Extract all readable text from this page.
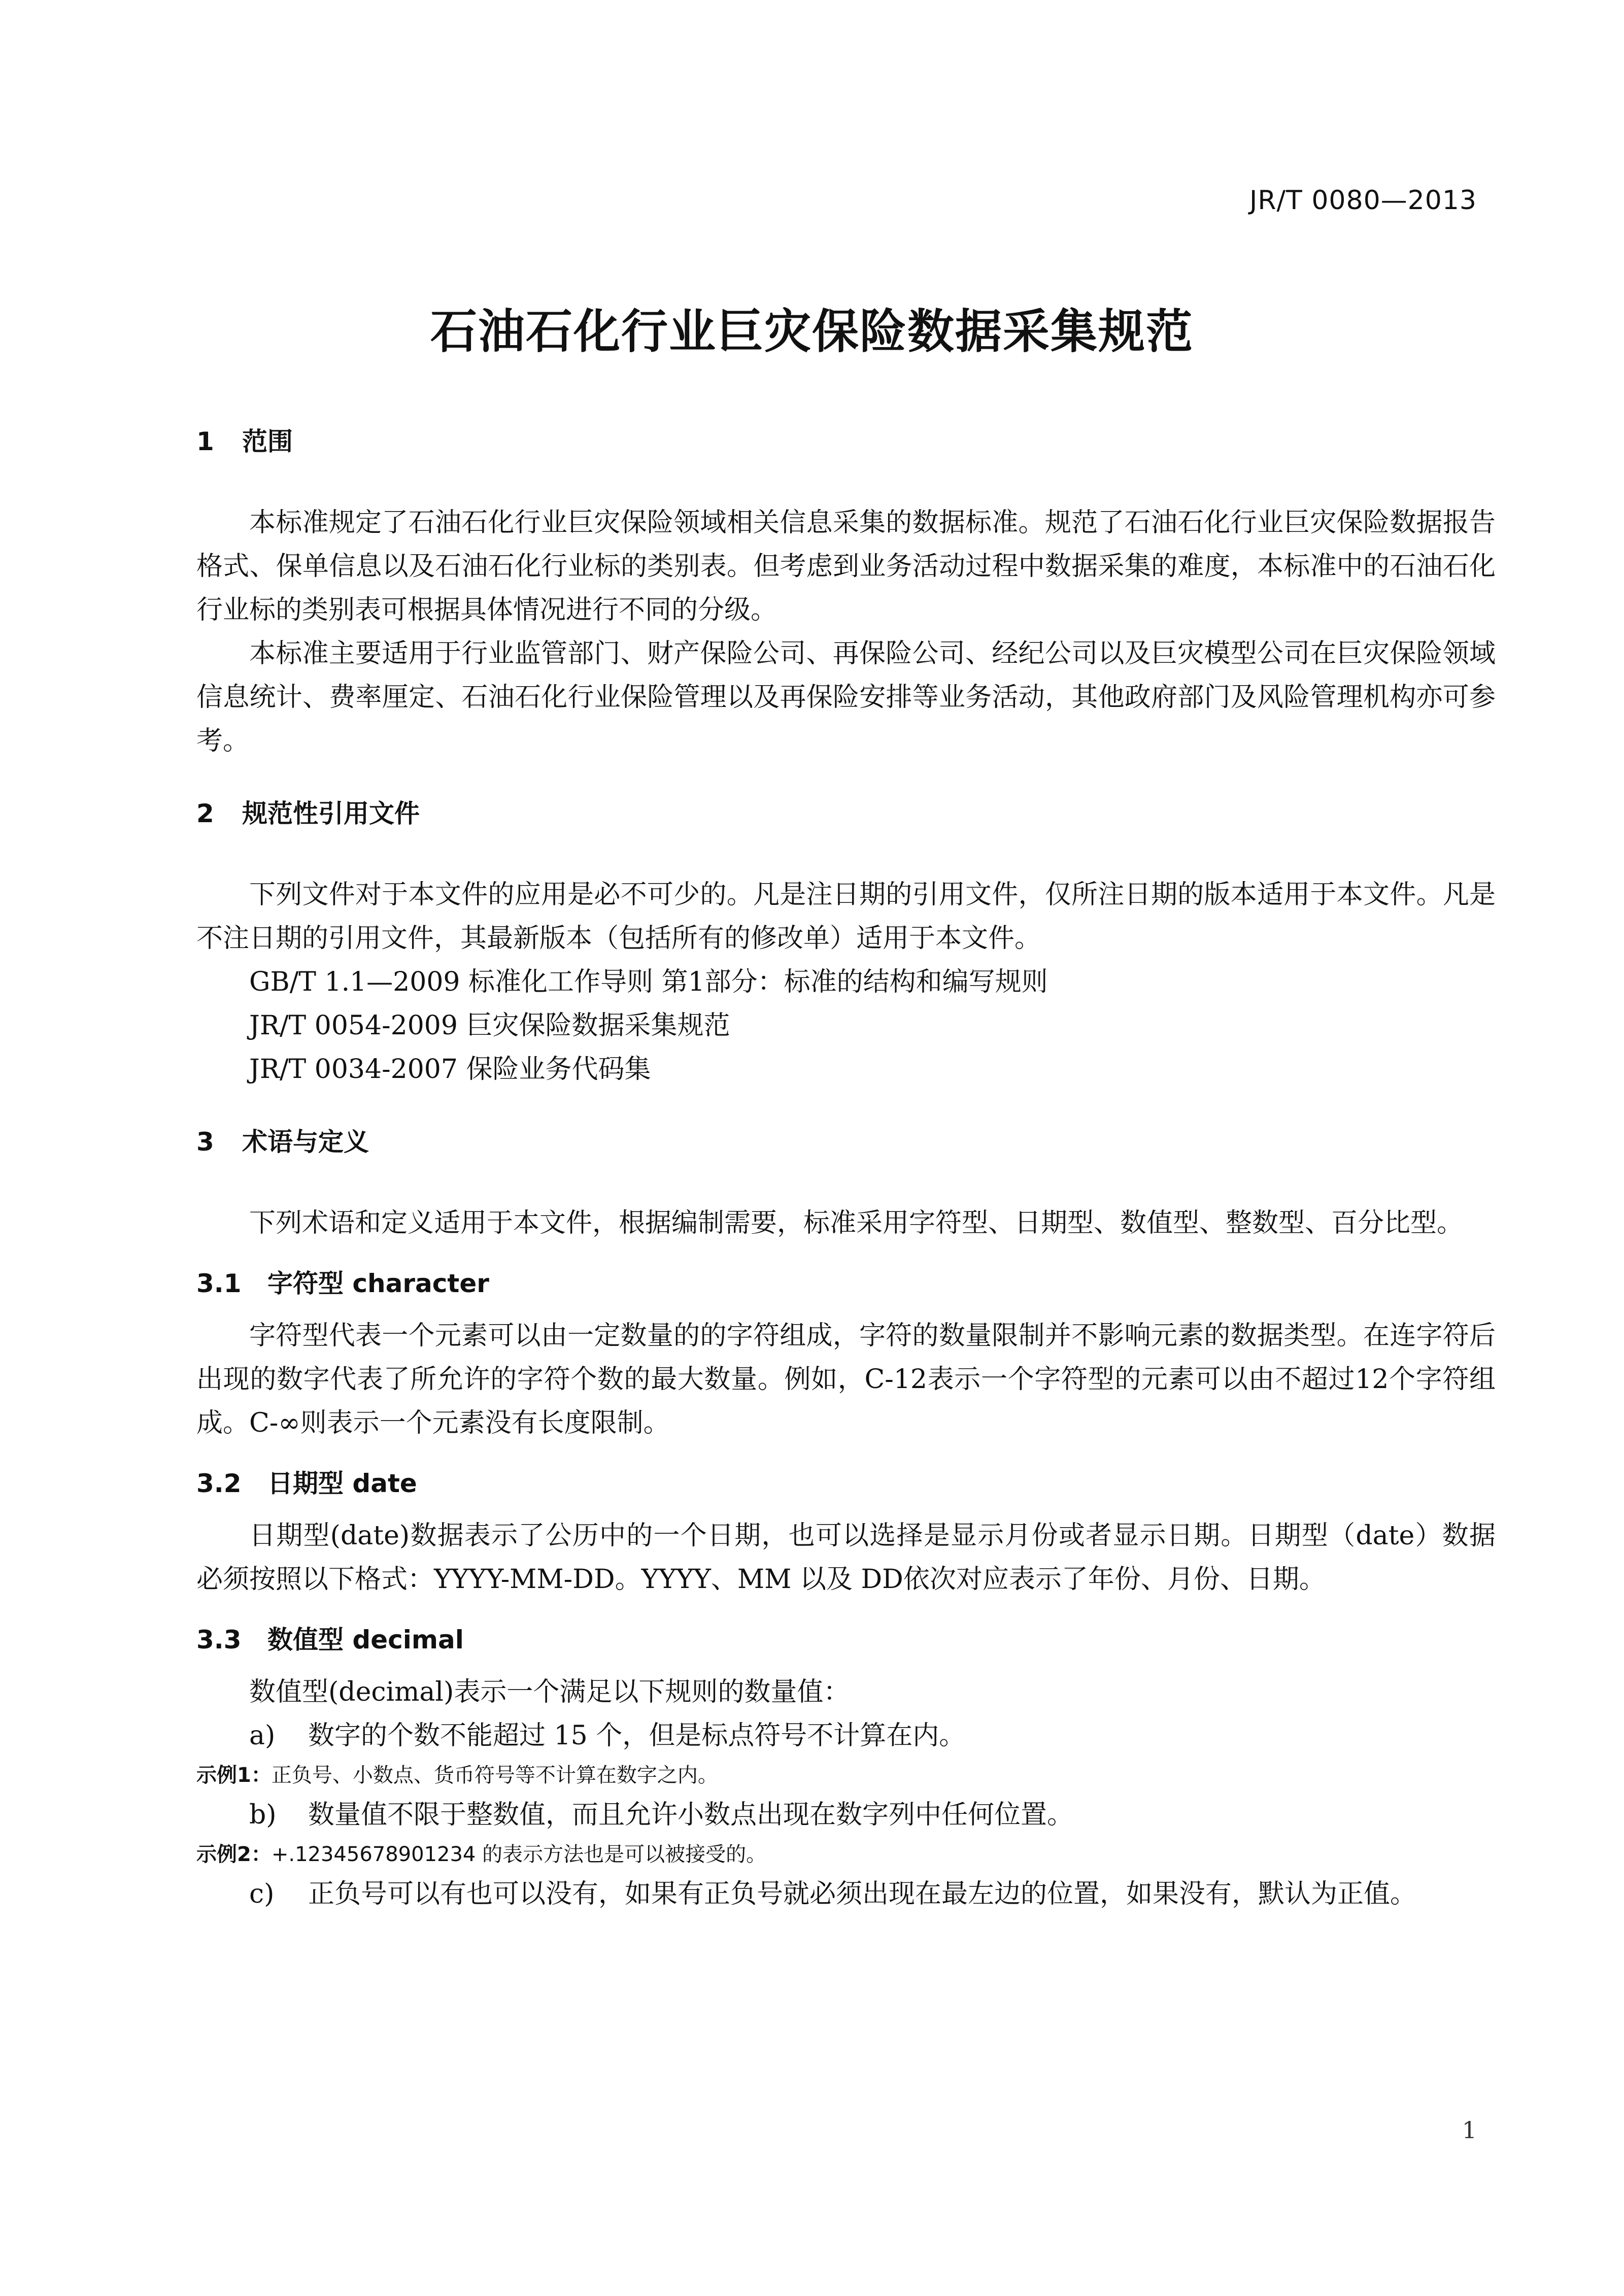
JR/T 0080—2013
石油石化行业巨灾保险数据采集规范
1 范围

本标准规定了石油石化行业巨灾保险领域相关信息采集的数据标准。规范了石油石化行业巨灾保险数据报告格式、保单信息以及石油石化行业标的类别表。但考虑到业务活动过程中数据采集的难度，本标准中的石油石化行业标的类别表可根据具体情况进行不同的分级。

本标准主要适用于行业监管部门、财产保险公司、再保险公司、经纪公司以及巨灾模型公司在巨灾保险领域信息统计、费率厘定、石油石化行业保险管理以及再保险安排等业务活动，其他政府部门及风险管理机构亦可参考。

2 规范性引用文件

下列文件对于本文件的应用是必不可少的。凡是注日期的引用文件，仅所注日期的版本适用于本文件。凡是不注日期的引用文件，其最新版本（包括所有的修改单）适用于本文件。

GB/T 1.1—2009 标准化工作导则 第1部分：标准的结构和编写规则

JR/T 0054-2009 巨灾保险数据采集规范

JR/T 0034-2007 保险业务代码集

3 术语与定义

下列术语和定义适用于本文件，根据编制需要，标准采用字符型、日期型、数值型、整数型、百分比型。

3.1 字符型 character

字符型代表一个元素可以由一定数量的的字符组成，字符的数量限制并不影响元素的数据类型。在连字符后出现的数字代表了所允许的字符个数的最大数量。例如，C-12表示一个字符型的元素可以由不超过12个字符组成。C-∞则表示一个元素没有长度限制。

3.2 日期型 date

日期型(date)数据表示了公历中的一个日期，也可以选择是显示月份或者显示日期。日期型（date）数据必须按照以下格式：YYYY-MM-DD。YYYY、MM 以及 DD依次对应表示了年份、月份、日期。

3.3 数值型 decimal

数值型(decimal)表示一个满足以下规则的数量值：

a) 数字的个数不能超过 15 个，但是标点符号不计算在内。

示例1：正负号、小数点、货币符号等不计算在数字之内。

b) 数量值不限于整数值，而且允许小数点出现在数字列中任何位置。

示例2：+.12345678901234 的表示方法也是可以被接受的。

c) 正负号可以有也可以没有，如果有正负号就必须出现在最左边的位置，如果没有，默认为正值。

1
